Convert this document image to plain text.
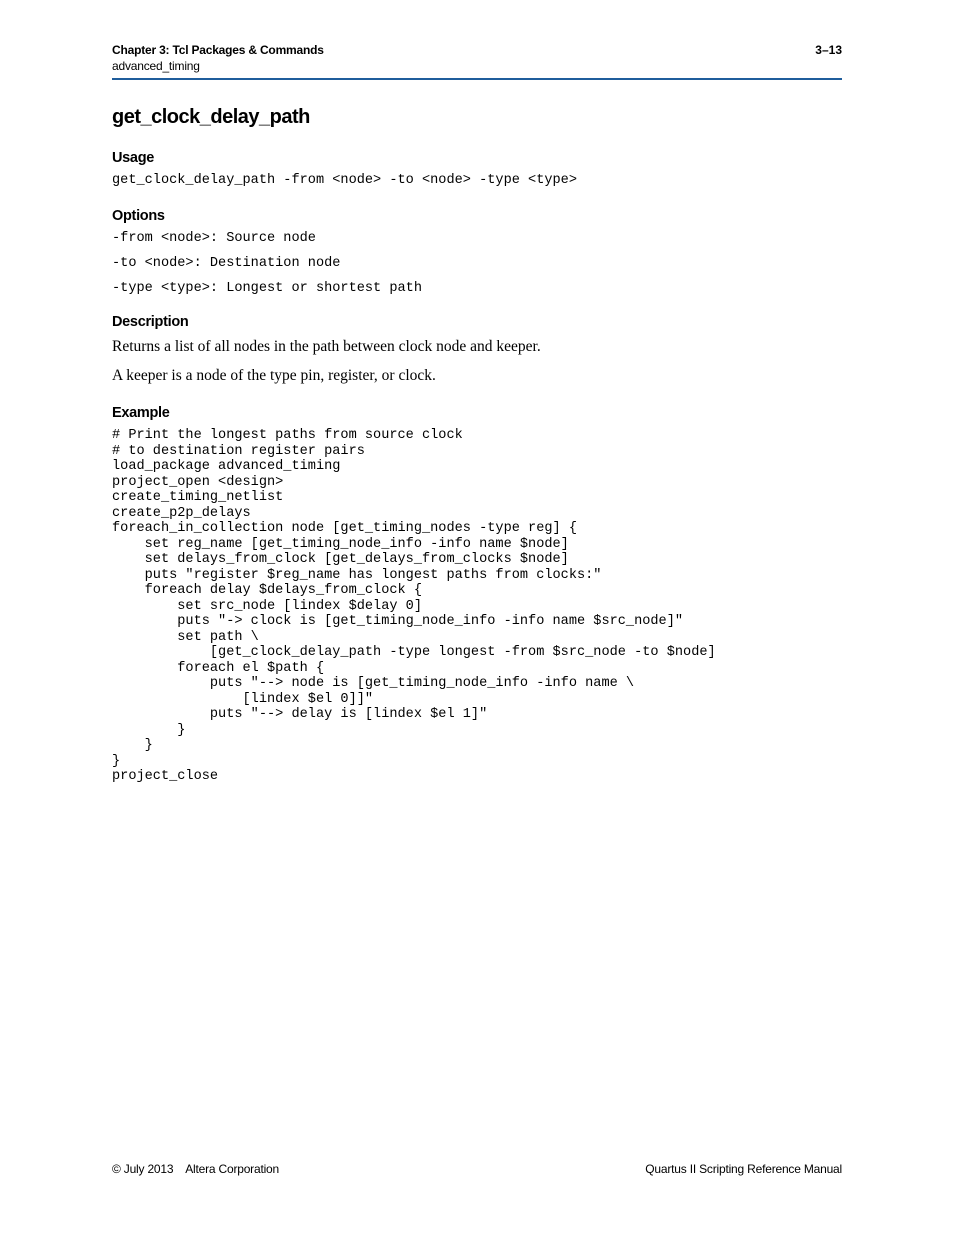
Chapter 3: Tcl Packages & Commands
advanced_timing
3–13
get_clock_delay_path
Usage
get_clock_delay_path -from <node> -to <node> -type <type>
Options
-from <node>: Source node
-to <node>: Destination node
-type <type>: Longest or shortest path
Description

Returns a list of all nodes in the path between clock node and keeper.

A keeper is a node of the type pin, register, or clock.

Example
# Print the longest paths from source clock
# to destination register pairs
load_package advanced_timing
project_open <design>
create_timing_netlist
create_p2p_delays
foreach_in_collection node [get_timing_nodes -type reg] {
set reg_name [get_timing_node_info -info name $node]
set delays_from_clock [get_delays_from_clocks $node]
puts "register $reg_name has longest paths from clocks:"
foreach delay $delays_from_clock {
set src_node [lindex $delay 0]
puts "-> clock is [get_timing_node_info -info name $src_node]"
set path \
[get_clock_delay_path -type longest -from $src_node -to $node]
foreach el $path {
puts "--> node is [get_timing_node_info -info name \
[lindex $el 0]]"
puts "--> delay is [lindex $el 1]"
}
}
}
project_close
© July 2013    Altera Corporation	Quartus II Scripting Reference Manual
